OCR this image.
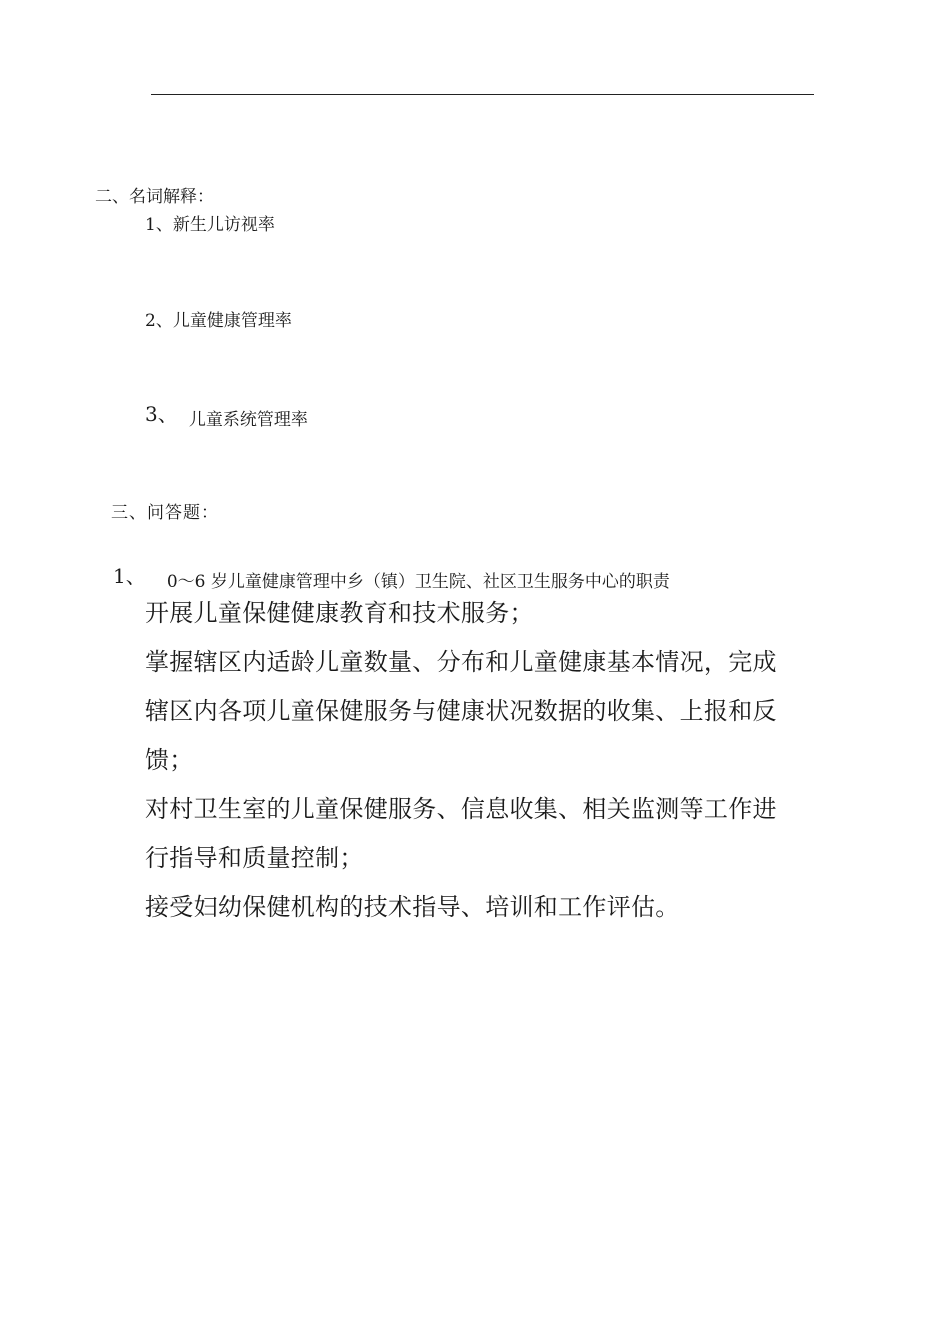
二、名词解释：
1、新生儿访视率
2、儿童健康管理率
3、 儿童系统管理率
三、问答题：
1、 0～6 岁儿童健康管理中乡（镇）卫生院、社区卫生服务中心的职责
开展儿童保健健康教育和技术服务；
掌握辖区内适龄儿童数量、分布和儿童健康基本情况，完成
辖区内各项儿童保健服务与健康状况数据的收集、上报和反
馈；
对村卫生室的儿童保健服务、信息收集、相关监测等工作进
行指导和质量控制；
接受妇幼保健机构的技术指导、培训和工作评估。
